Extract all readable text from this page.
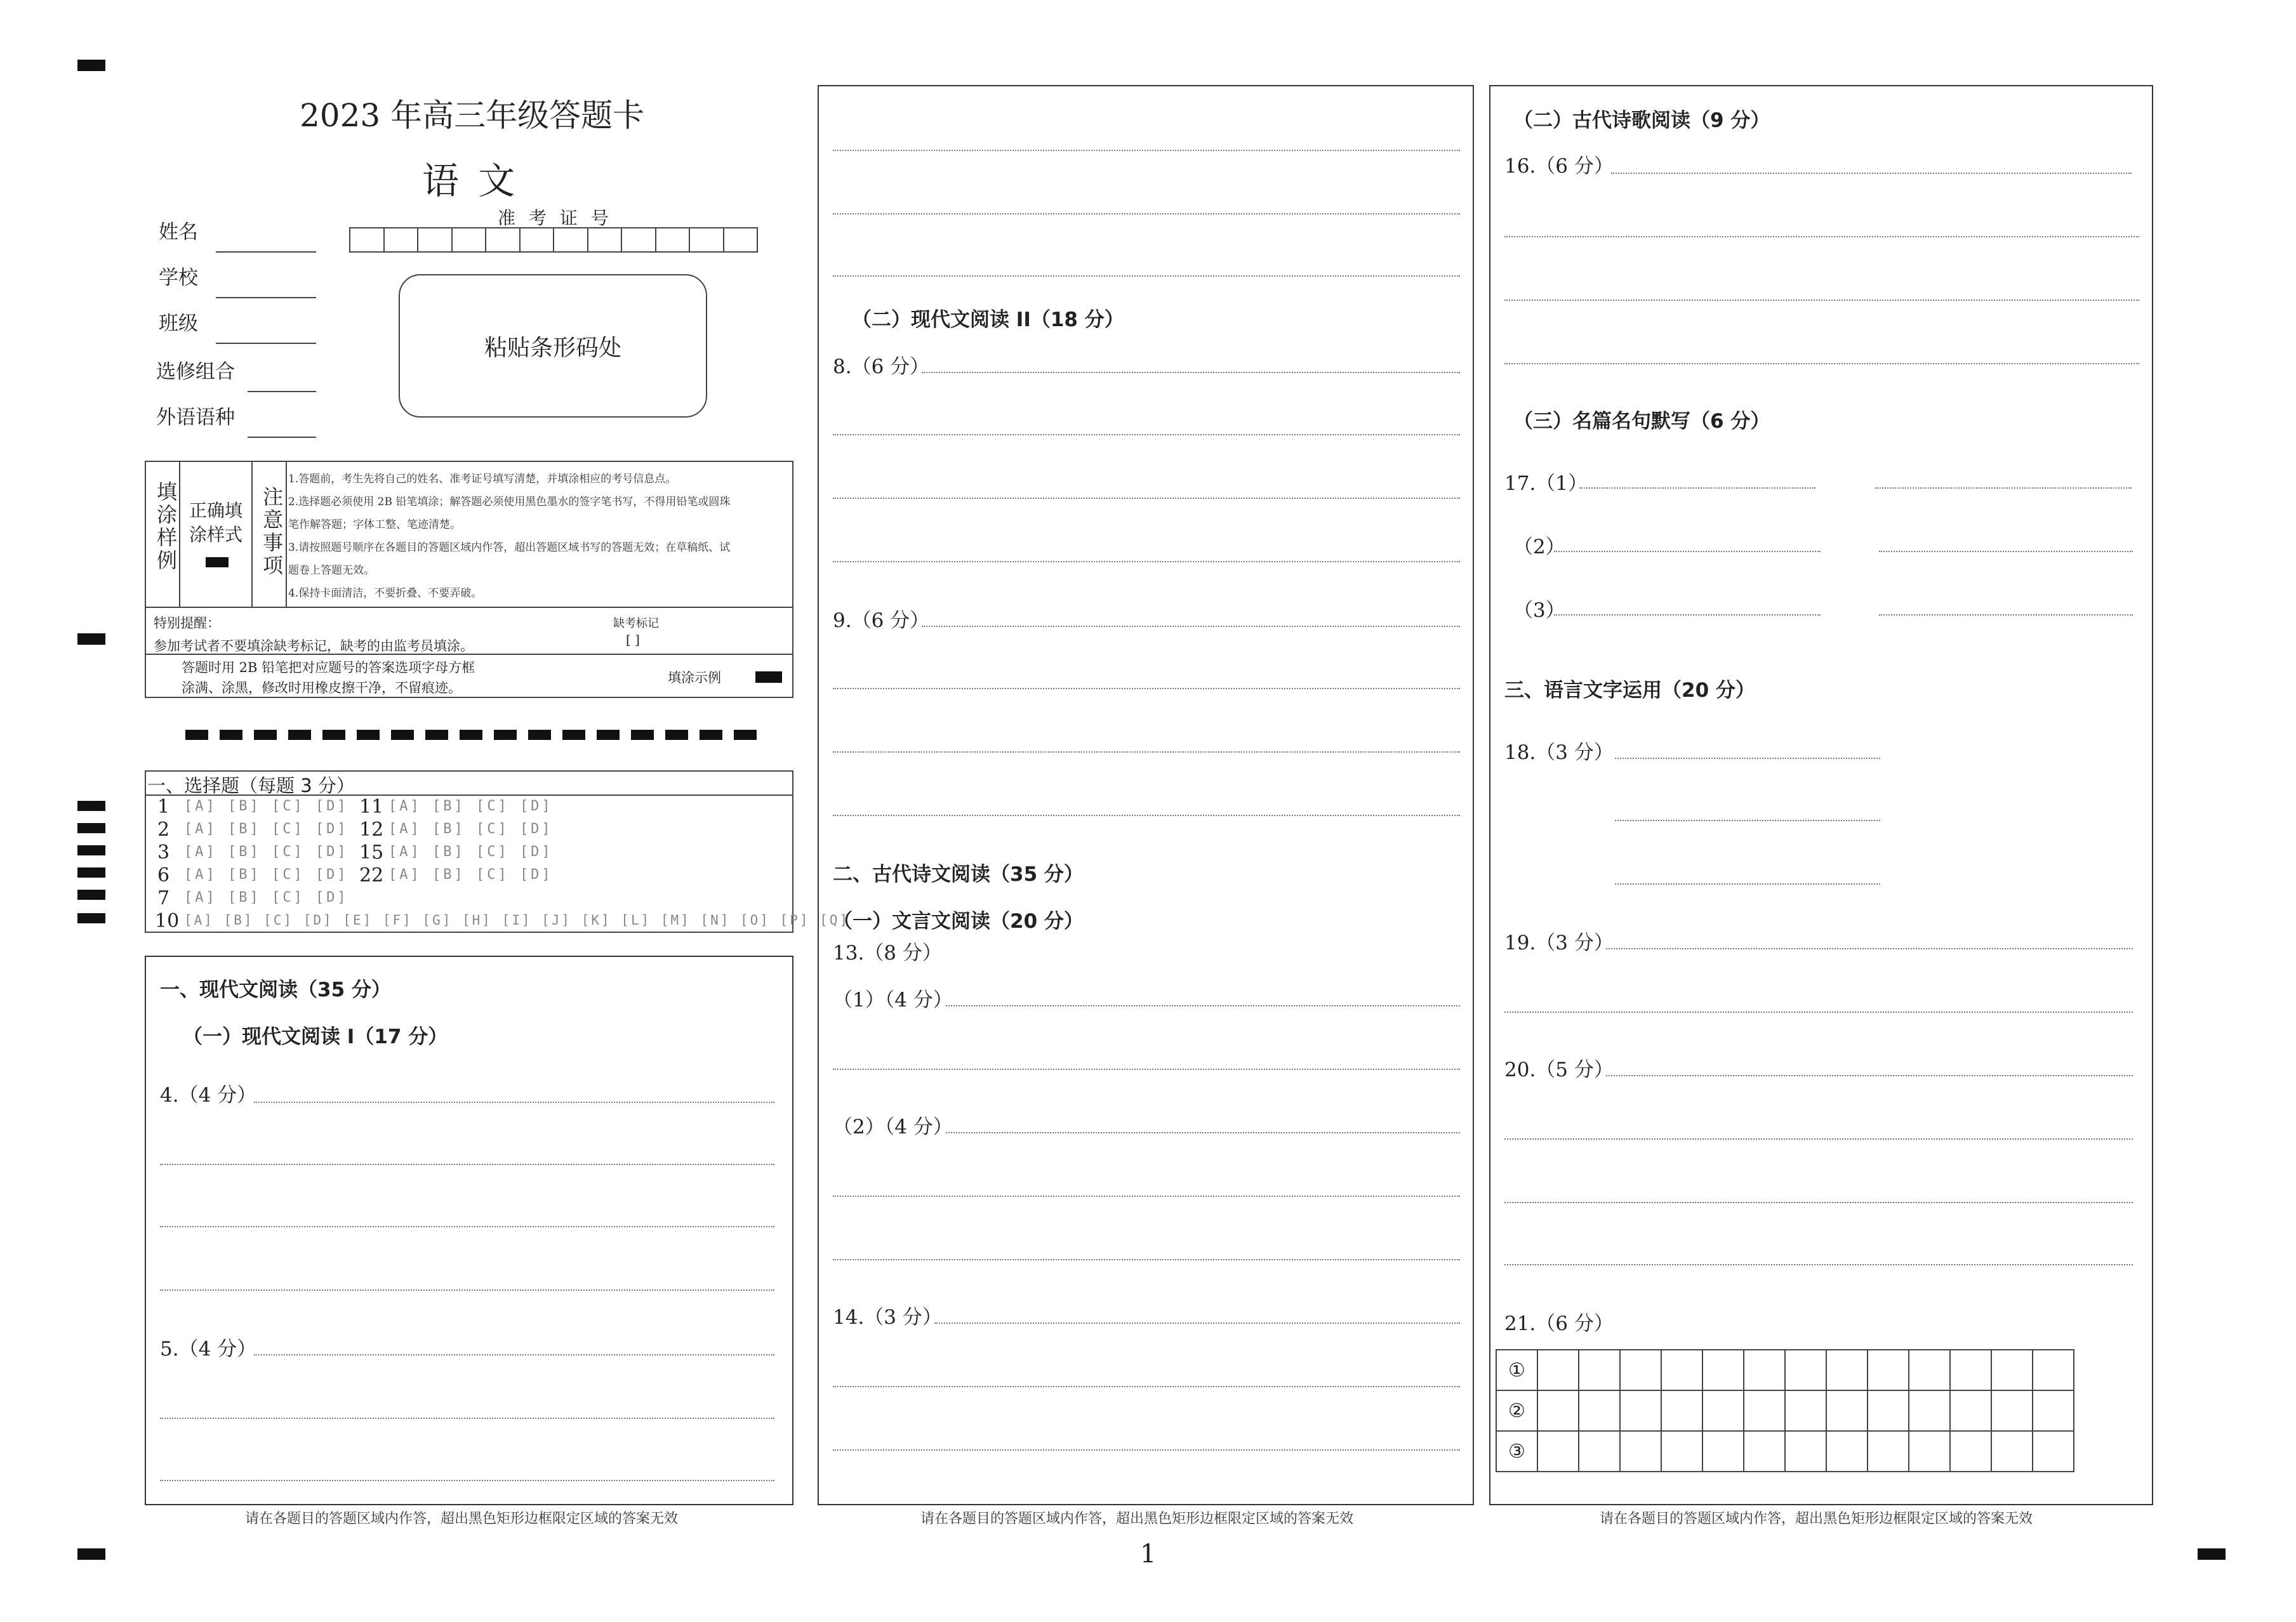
2023 年高三年级答题卡
语 文
姓名
学校
班级
选修组合
外语语种
准 考 证 号
粘贴条形码处
填涂样例 正确填涂样式 注意事项
1.答题前，考生先将自己的姓名、准考证号填写清楚，并填涂相应的考号信息点。
2.选择题必须使用 2B 铅笔填涂；解答题必须使用黑色墨水的签字笔书写，不得用铅笔或圆珠
笔作解答题；字体工整、笔迹清楚。
3.请按照题号顺序在各题目的答题区域内作答，超出答题区域书写的答题无效；在草稿纸、试
题卷上答题无效。
4.保持卡面清洁，不要折叠、不要弄破。
特别提醒：
参加考试者不要填涂缺考标记，缺考的由监考员填涂。
缺考标记
[ ]
答题时用 2B 铅笔把对应题号的答案选项字母方框
涂满、涂黑，修改时用橡皮擦干净，不留痕迹。
填涂示例
一、选择题（每题 3 分）
1 [A] [B] [C] [D]
2 [A] [B] [C] [D]
3 [A] [B] [C] [D]
6 [A] [B] [C] [D]
7 [A] [B] [C] [D]
11 [A] [B] [C] [D]
12 [A] [B] [C] [D]
15 [A] [B] [C] [D]
22 [A] [B] [C] [D]
10 [A] [B] [C] [D] [E] [F] [G] [H] [I] [J] [K] [L] [M] [N] [O] [P] [Q]
一、现代文阅读（35 分）
（一）现代文阅读 I（17 分）
4.（4 分）
5.（4 分）
请在各题目的答题区域内作答，超出黑色矩形边框限定区域的答案无效
（二）现代文阅读 II（18 分）
8.（6 分）
9.（6 分）
二、古代诗文阅读（35 分）
（一）文言文阅读（20 分）
13.（8 分）
（1）（4 分）
（2）（4 分）
14.（3 分）
请在各题目的答题区域内作答，超出黑色矩形边框限定区域的答案无效
（二）古代诗歌阅读（9 分）
16.（6 分）
（三）名篇名句默写（6 分）
17.（1）
（2）
（3）
三、语言文字运用（20 分）
18.（3 分）
19.（3 分）
20.（5 分）
21.（6 分）
①
②
③
请在各题目的答题区域内作答，超出黑色矩形边框限定区域的答案无效
1
